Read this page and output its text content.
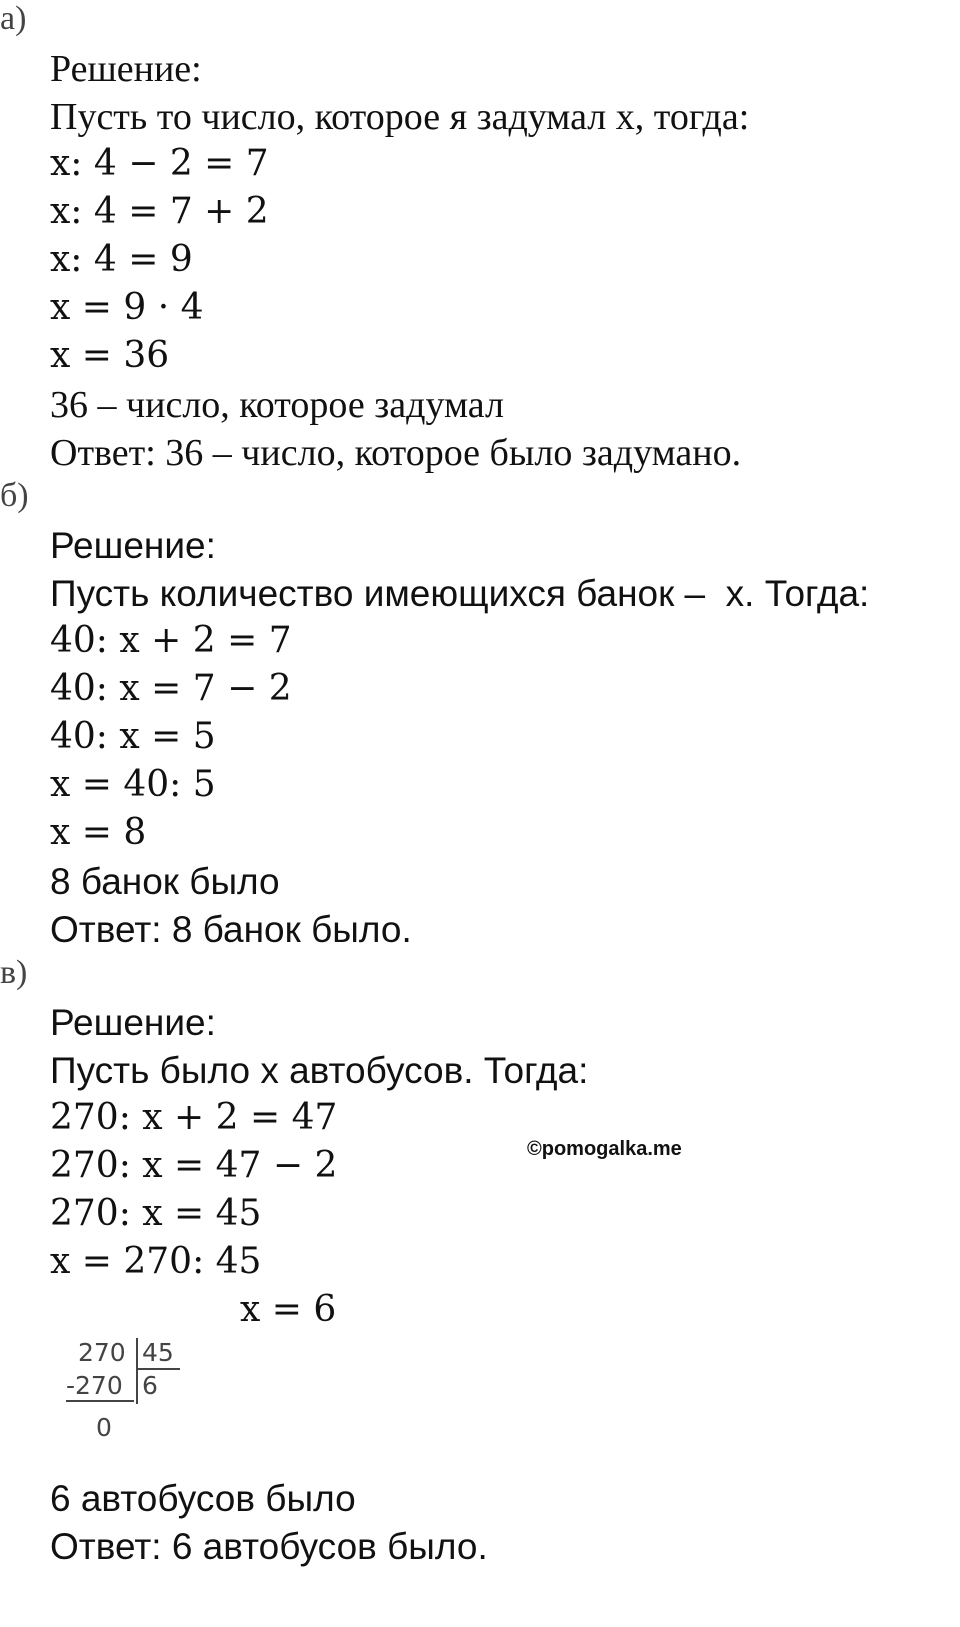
а)
Решение:
Пусть то число, которое я задумал x, тогда:
x: 4 − 2 = 7
x: 4 = 7 + 2
x: 4 = 9
x = 9 · 4
x = 36
36 – число, которое задумал
Ответ: 36 – число, которое было задумано.
б)
Решение:
Пусть количество имеющихся банок –  x. Тогда:
40: x + 2 = 7
40: x = 7 − 2
40: x = 5
x = 40: 5
x = 8
8 банок было
Ответ: 8 банок было.
в)
Решение:
Пусть было x автобусов. Тогда:
270: x + 2 = 47
270: x = 47 − 2
270: x = 45
x = 270: 45
x = 6
270 45
-270 6
0
6 автобусов было
Ответ: 6 автобусов было.
©pomogalka.me
